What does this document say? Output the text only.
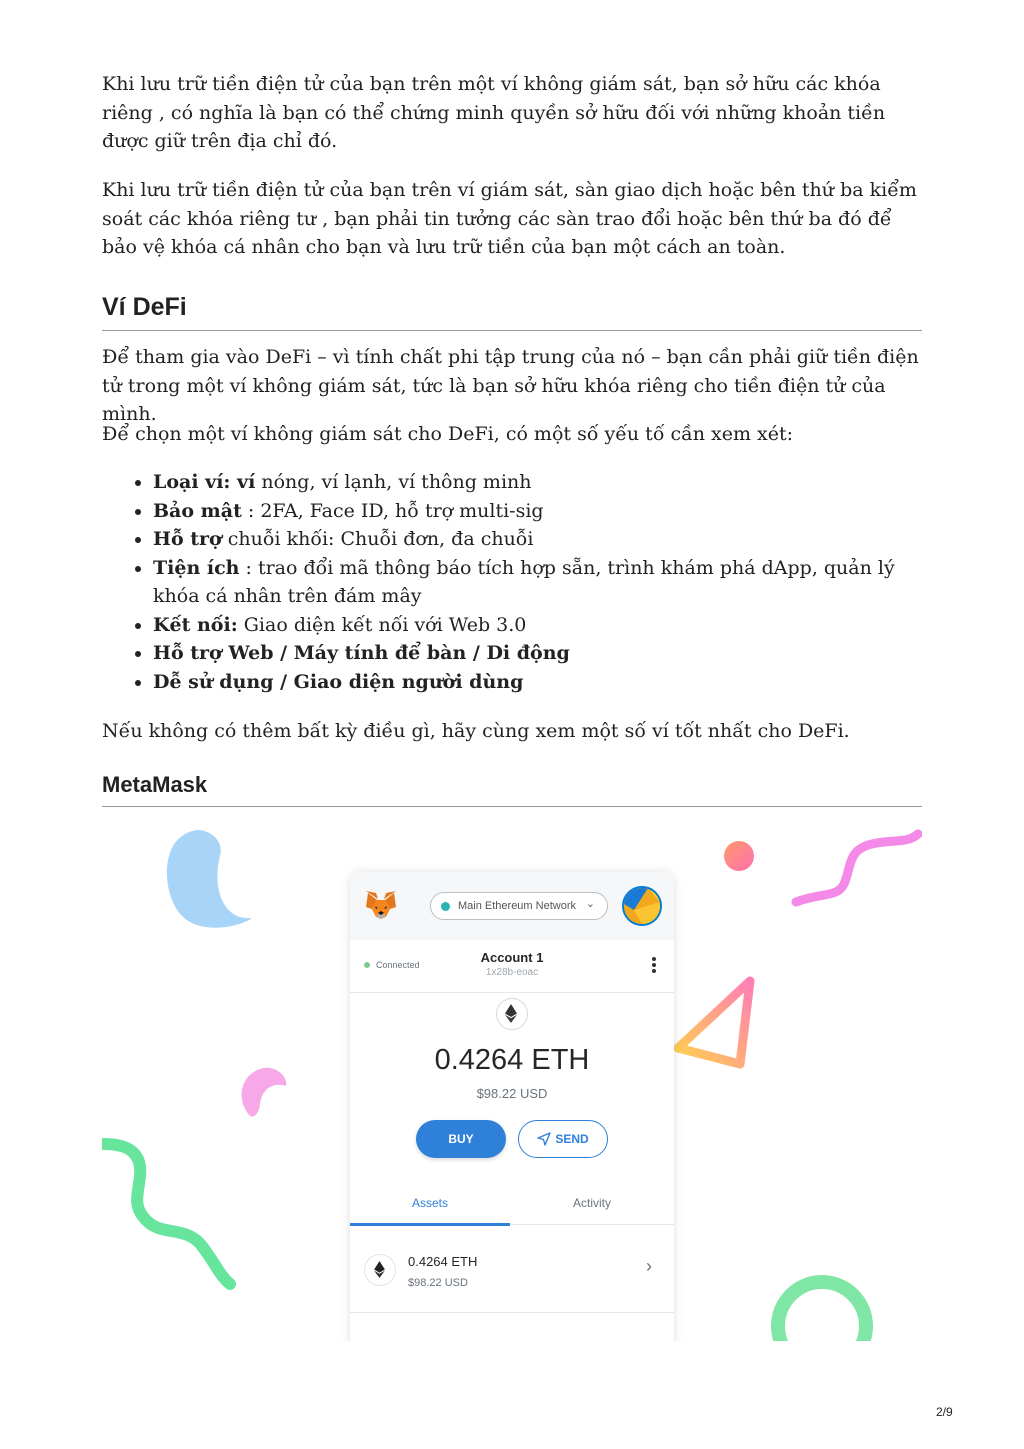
Khi lưu trữ tiền điện tử của bạn trên một ví không giám sát, bạn sở hữu các khóa riêng , có nghĩa là bạn có thể chứng minh quyền sở hữu đối với những khoản tiền được giữ trên địa chỉ đó.

Khi lưu trữ tiền điện tử của bạn trên ví giám sát, sàn giao dịch hoặc bên thứ ba kiểm soát các khóa riêng tư , bạn phải tin tưởng các sàn trao đổi hoặc bên thứ ba đó để bảo vệ khóa cá nhân cho bạn và lưu trữ tiền của bạn một cách an toàn.

Ví DeFi

Để tham gia vào DeFi – vì tính chất phi tập trung của nó – bạn cần phải giữ tiền điện tử trong một ví không giám sát, tức là bạn sở hữu khóa riêng cho tiền điện tử của mình.

Để chọn một ví không giám sát cho DeFi, có một số yếu tố cần xem xét:

• Loại ví: ví nóng, ví lạnh, ví thông minh
• Bảo mật : 2FA, Face ID, hỗ trợ multi-sig
• Hỗ trợ chuỗi khối: Chuỗi đơn, đa chuỗi
• Tiện ích : trao đổi mã thông báo tích hợp sẵn, trình khám phá dApp, quản lý khóa cá nhân trên đám mây
• Kết nối: Giao diện kết nối với Web 3.0
• Hỗ trợ Web / Máy tính để bàn / Di động
• Dễ sử dụng / Giao diện người dùng

Nếu không có thêm bất kỳ điều gì, hãy cùng xem một số ví tốt nhất cho DeFi.

MetaMask
Main Ethereum Network ⌄
Connected	Account 1
1x28b-eoac
0.4264 ETH
$98.22 USD
BUY	SEND
Assets	Activity
0.4264 ETH
$98.22 USD
›
2/9
